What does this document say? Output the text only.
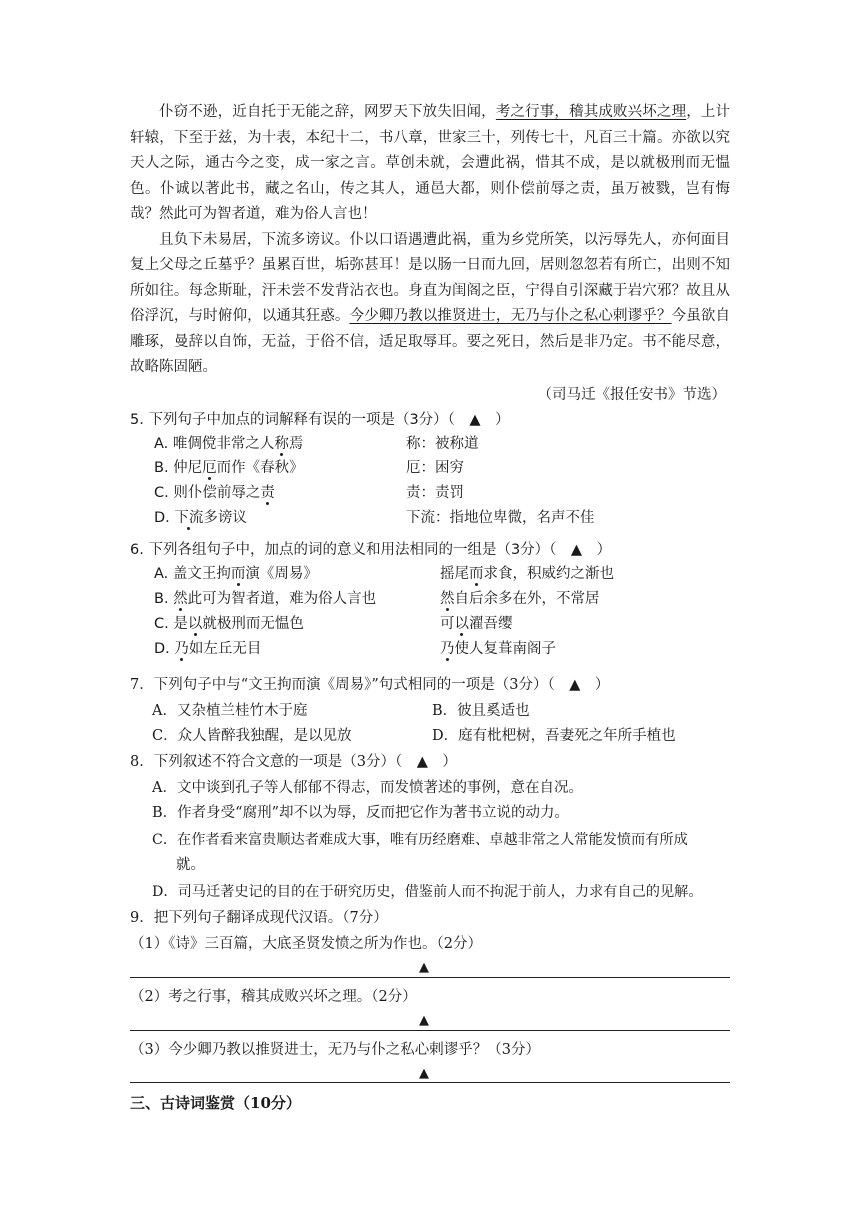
仆窃不逊，近自托于无能之辞，网罗天下放失旧闻，考之行事，稽其成败兴坏之理，上计轩辕，下至于兹，为十表，本纪十二，书八章，世家三十，列传七十，凡百三十篇。亦欲以究天人之际，通古今之变，成一家之言。草创未就，会遭此祸，惜其不成，是以就极刑而无愠色。仆诚以著此书，藏之名山，传之其人，通邑大都，则仆偿前辱之责，虽万被戮，岂有悔哉？然此可为智者道，难为俗人言也！

且负下未易居，下流多谤议。仆以口语遇遭此祸，重为乡党所笑，以污辱先人，亦何面目复上父母之丘墓乎？虽累百世，垢弥甚耳！是以肠一日而九回，居则忽忽若有所亡，出则不知所如往。每念斯耻，汗未尝不发背沾衣也。身直为闺阁之臣，宁得自引深藏于岩穴邪？故且从俗浮沉，与时俯仰，以通其狂惑。今少卿乃教以推贤进士，无乃与仆之私心剌谬乎？今虽欲自雕琢，曼辞以自饰，无益，于俗不信，适足取辱耳。要之死日，然后是非乃定。书不能尽意，故略陈固陋。

（司马迁《报任安书》节选）
5. 下列句子中加点的词解释有误的一项是（3分）（　▲　）
A. 唯倜傥非常之人称焉	称：被称道
B. 仲尼厄而作《春秋》	厄：困穷
C. 则仆偿前辱之责	责：责罚
D. 下流多谤议	下流：指地位卑微，名声不佳
6. 下列各组句子中，加点的词的意义和用法相同的一组是（3分）（　▲　）
A. 盖文王拘而演《周易》	摇尾而求食，积威约之渐也
B. 然此可为智者道，难为俗人言也	然自后余多在外，不常居
C. 是以就极刑而无愠色	可以濯吾缨
D. 乃如左丘无目	乃使人复葺南阁子
7．下列句子中与“文王拘而演《周易》”句式相同的一项是（3分）（　▲　）
A．又杂植兰桂竹木于庭	B．彼且奚适也
C．众人皆醉我独醒，是以见放	D．庭有枇杷树，吾妻死之年所手植也
8．下列叙述不符合文意的一项是（3分）（　▲　）
A．文中谈到孔子等人郁郁不得志，而发愤著述的事例，意在自况。
B．作者身受“腐刑”却不以为辱，反而把它作为著书立说的动力。
C．在作者看来富贵顺达者难成大事，唯有历经磨难、卓越非常之人常能发愤而有所成
就。
D．司马迁著史记的目的在于研究历史，借鉴前人而不拘泥于前人，力求有自己的见解。
9．把下列句子翻译成现代汉语。（7分）
（1）《诗》三百篇，大底圣贤发愤之所为作也。（2分）
▲
（2）考之行事，稽其成败兴坏之理。（2分）
▲
（3）今少卿乃教以推贤进士，无乃与仆之私心剌谬乎？（3分）
▲
三、古诗词鉴赏（10分）
